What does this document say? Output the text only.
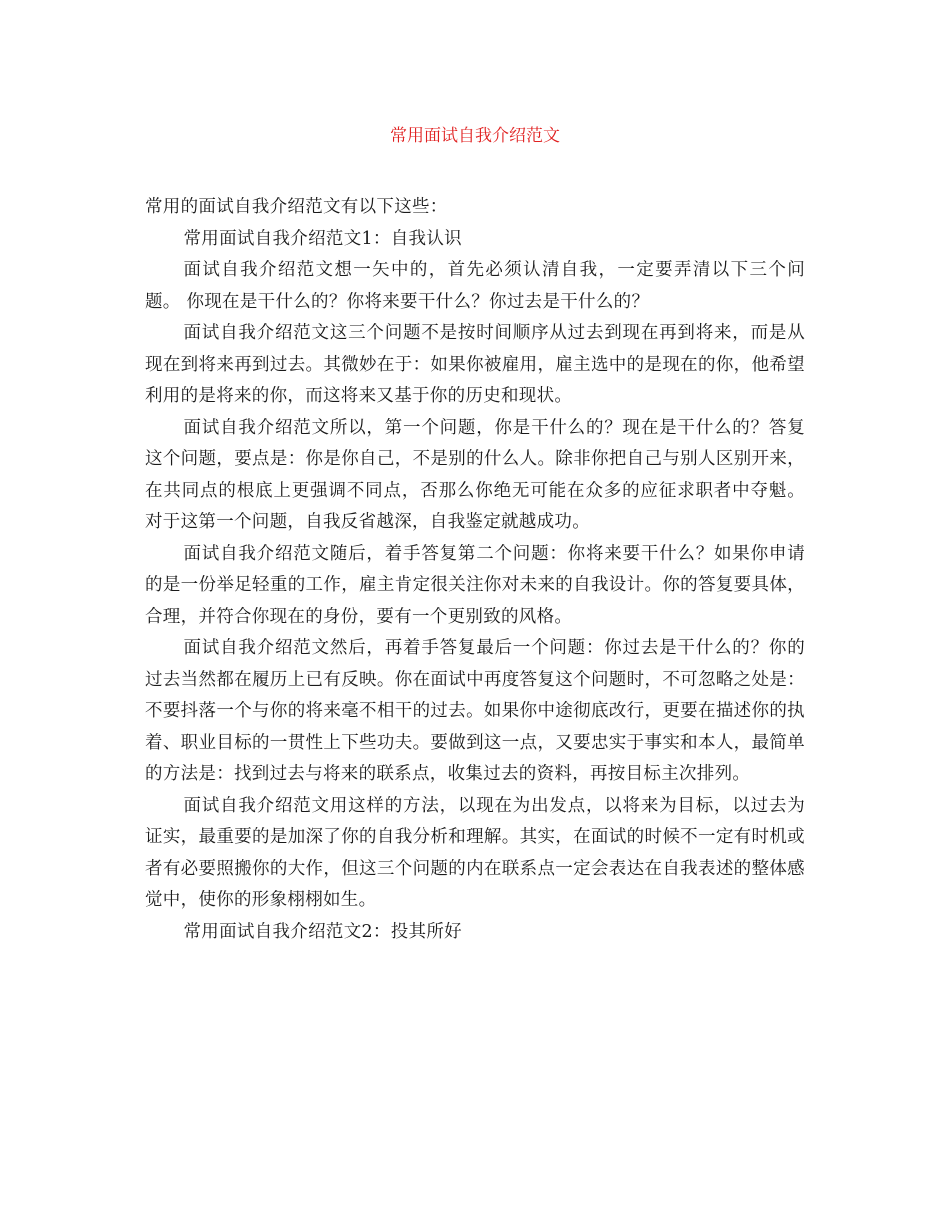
常用面试自我介绍范文

常用的面试自我介绍范文有以下这些：

常用面试自我介绍范文1：自我认识

面试自我介绍范文想一矢中的，首先必须认清自我，一定要弄清以下三个问题。 你现在是干什么的？你将来要干什么？你过去是干什么的？

面试自我介绍范文这三个问题不是按时间顺序从过去到现在再到将来，而是从现在到将来再到过去。其微妙在于：如果你被雇用，雇主选中的是现在的你，他希望利用的是将来的你，而这将来又基于你的历史和现状。

面试自我介绍范文所以，第一个问题，你是干什么的？现在是干什么的？答复这个问题，要点是：你是你自己，不是别的什么人。除非你把自己与别人区别开来，在共同点的根底上更强调不同点，否那么你绝无可能在众多的应征求职者中夺魁。 对于这第一个问题，自我反省越深，自我鉴定就越成功。

面试自我介绍范文随后，着手答复第二个问题：你将来要干什么？如果你申请的是一份举足轻重的工作，雇主肯定很关注你对未来的自我设计。你的答复要具体，合理，并符合你现在的身份，要有一个更别致的风格。

面试自我介绍范文然后，再着手答复最后一个问题：你过去是干什么的？你的过去当然都在履历上已有反映。你在面试中再度答复这个问题时，不可忽略之处是：不要抖落一个与你的将来毫不相干的过去。如果你中途彻底改行，更要在描述你的执着、职业目标的一贯性上下些功夫。要做到这一点，又要忠实于事实和本人，最简单的方法是：找到过去与将来的联系点，收集过去的资料，再按目标主次排列。

面试自我介绍范文用这样的方法，以现在为出发点，以将来为目标，以过去为证实，最重要的是加深了你的自我分析和理解。其实，在面试的时候不一定有时机或者有必要照搬你的大作，但这三个问题的内在联系点一定会表达在自我表述的整体感觉中，使你的形象栩栩如生。

常用面试自我介绍范文2：投其所好
